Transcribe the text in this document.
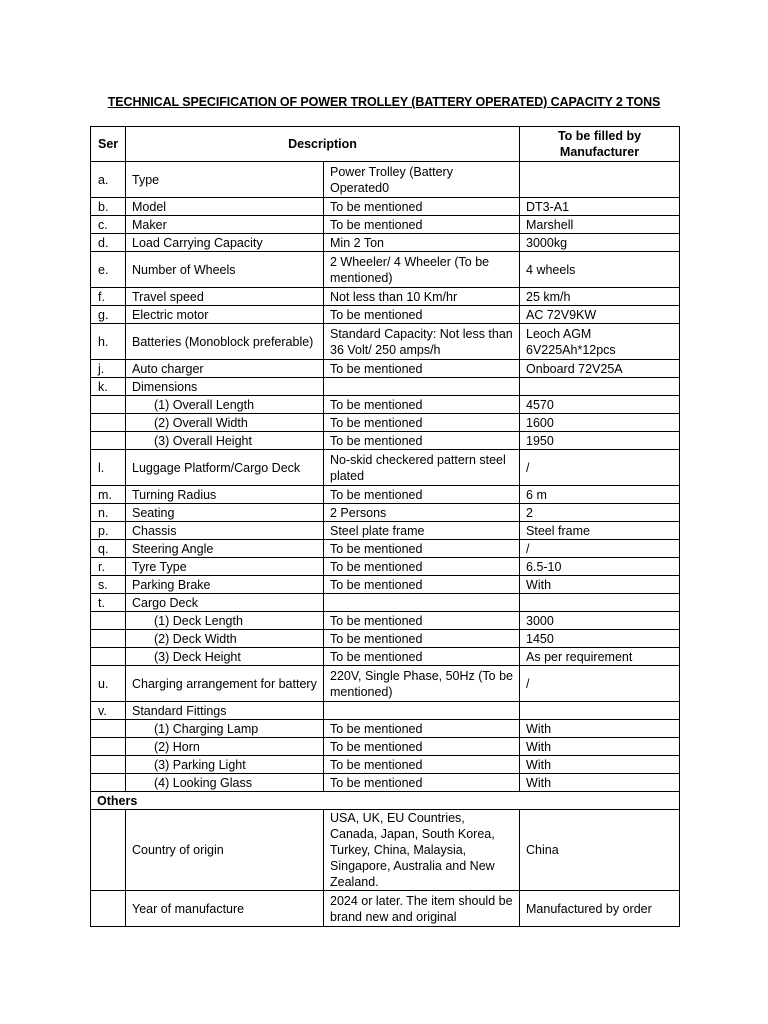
TECHNICAL SPECIFICATION OF POWER TROLLEY (BATTERY OPERATED) CAPACITY 2 TONS
Ser	Description		To be filled by Manufacturer
a.	Type	Power Trolley (Battery Operated0	
b.	Model	To be mentioned	DT3-A1
c.	Maker	To be mentioned	Marshell
d.	Load Carrying Capacity	Min 2 Ton	3000kg
e.	Number of Wheels	2 Wheeler/ 4 Wheeler (To be mentioned)	4 wheels
f.	Travel speed	Not less than 10 Km/hr	25 km/h
g.	Electric motor	To be mentioned	AC 72V9KW
h.	Batteries (Monoblock preferable)	Standard Capacity: Not less than 36 Volt/ 250 amps/h	Leoch AGM 6V225Ah*12pcs
j.	Auto charger	To be mentioned	Onboard 72V25A
k.	Dimensions		
	(1) Overall Length	To be mentioned	4570
	(2) Overall Width	To be mentioned	1600
	(3) Overall Height	To be mentioned	1950
l.	Luggage Platform/Cargo Deck	No-skid checkered pattern steel plated	/
m.	Turning Radius	To be mentioned	6 m
n.	Seating	2 Persons	2
p.	Chassis	Steel plate frame	Steel frame
q.	Steering Angle	To be mentioned	/
r.	Tyre Type	To be mentioned	6.5-10
s.	Parking Brake	To be mentioned	With
t.	Cargo Deck		
	(1) Deck Length	To be mentioned	3000
	(2) Deck Width	To be mentioned	1450
	(3) Deck Height	To be mentioned	As per requirement
u.	Charging arrangement for battery	220V, Single Phase, 50Hz (To be mentioned)	/
v.	Standard Fittings		
	(1) Charging Lamp	To be mentioned	With
	(2) Horn	To be mentioned	With
	(3) Parking Light	To be mentioned	With
	(4) Looking Glass	To be mentioned	With
Others			
	Country of origin	USA, UK, EU Countries, Canada, Japan, South Korea, Turkey, China, Malaysia, Singapore, Australia and New Zealand.	China
	Year of manufacture	2024 or later. The item should be brand new and original	Manufactured by order
